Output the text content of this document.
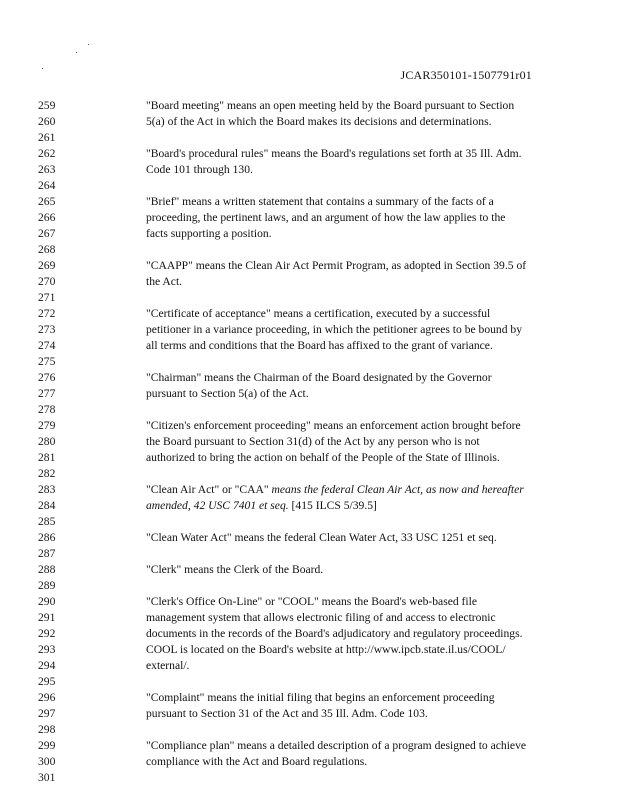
JCAR350101-1507791r01
259	"Board meeting" means an open meeting held by the Board pursuant to Section
260	5(a) of the Act in which the Board makes its decisions and determinations.
261
262	"Board's procedural rules" means the Board's regulations set forth at 35 Ill. Adm.
263	Code 101 through 130.
264
265	"Brief" means a written statement that contains a summary of the facts of a
266	proceeding, the pertinent laws, and an argument of how the law applies to the
267	facts supporting a position.
268
269	"CAAPP" means the Clean Air Act Permit Program, as adopted in Section 39.5 of
270	the Act.
271
272	"Certificate of acceptance" means a certification, executed by a successful
273	petitioner in a variance proceeding, in which the petitioner agrees to be bound by
274	all terms and conditions that the Board has affixed to the grant of variance.
275
276	"Chairman" means the Chairman of the Board designated by the Governor
277	pursuant to Section 5(a) of the Act.
278
279	"Citizen's enforcement proceeding" means an enforcement action brought before
280	the Board pursuant to Section 31(d) of the Act by any person who is not
281	authorized to bring the action on behalf of the People of the State of Illinois.
282
283	"Clean Air Act" or "CAA" means the federal Clean Air Act, as now and hereafter
284	amended, 42 USC 7401 et seq. [415 ILCS 5/39.5]
285
286	"Clean Water Act" means the federal Clean Water Act, 33 USC 1251 et seq.
287
288	"Clerk" means the Clerk of the Board.
289
290	"Clerk's Office On-Line" or "COOL" means the Board's web-based file
291	management system that allows electronic filing of and access to electronic
292	documents in the records of the Board's adjudicatory and regulatory proceedings.
293	COOL is located on the Board's website at http://www.ipcb.state.il.us/COOL/
294	external/.
295
296	"Complaint" means the initial filing that begins an enforcement proceeding
297	pursuant to Section 31 of the Act and 35 Ill. Adm. Code 103.
298
299	"Compliance plan" means a detailed description of a program designed to achieve
300	compliance with the Act and Board regulations.
301
